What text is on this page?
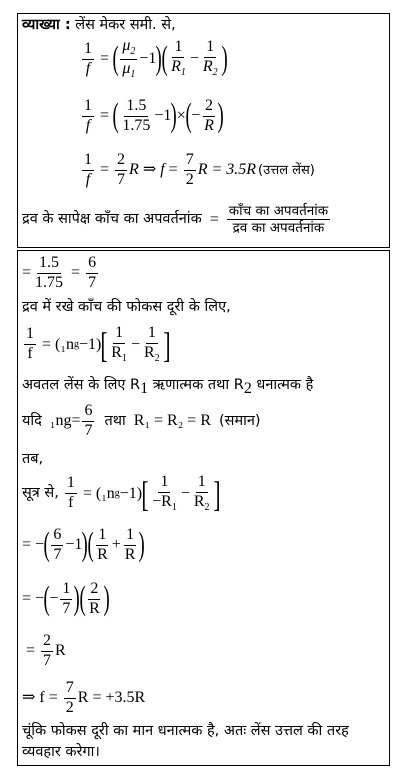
व्याख्या : लेंस मेकर समी. से,
$\frac{1}{f}$ = ( $\frac{\mu_2}{\mu_1} -1$ ) ( $\frac{1}{R_1} - \frac{1}{R_2}$ )
$\frac{1}{f}$ = ( $\frac{1.5}{1.75} -1$ ) × ( − $\frac{2}{R}$ )
$\frac{1}{f} = \frac{2}{7}$ R
⇒
$f = \frac{7}{2}$ R = 3.5R (उत्तल लेंस)
द्रव के सापेक्ष काँच का अपवर्तनांक = $\frac{\text{काँच का अपवर्तनांक}}{\text{द्रव का अपवर्तनांक}}$
= $\frac{1.5}{1.75} = \frac{6}{7}$
द्रव में रखे काँच की फोकस दूरी के लिए,
$\frac{1}{f} = (_1n$ g −1) [ $\frac{1}{R_1} - \frac{1}{R_2}$ ]
अवतल लेंस के लिए $R_1$ ऋणात्मक तथा $R_2$ धनात्मक है
यदि ₁n $g = \frac{6}{7}$ तथा R₁ = R₂ = R (समान)
तब,
सूत्र से, $\frac{1}{f} = (_1n$ g −1) [ $\frac{1}{-R_1} - \frac{1}{R_2}$ ]
= − ( $\frac{6}{7} -1$ ) ( $\frac{1}{R} + \frac{1}{R}$ )
= − ( − $\frac{1}{7}$ ) ( $\frac{2}{R}$ )
=
$\frac{2}{7}$ R
⇒ f =
$\frac{7}{2}$ R = +3.5R
चूंकि फोकस दूरी का मान धनात्मक है, अतः लेंस उत्तल की तरह
व्यवहार करेगा।
